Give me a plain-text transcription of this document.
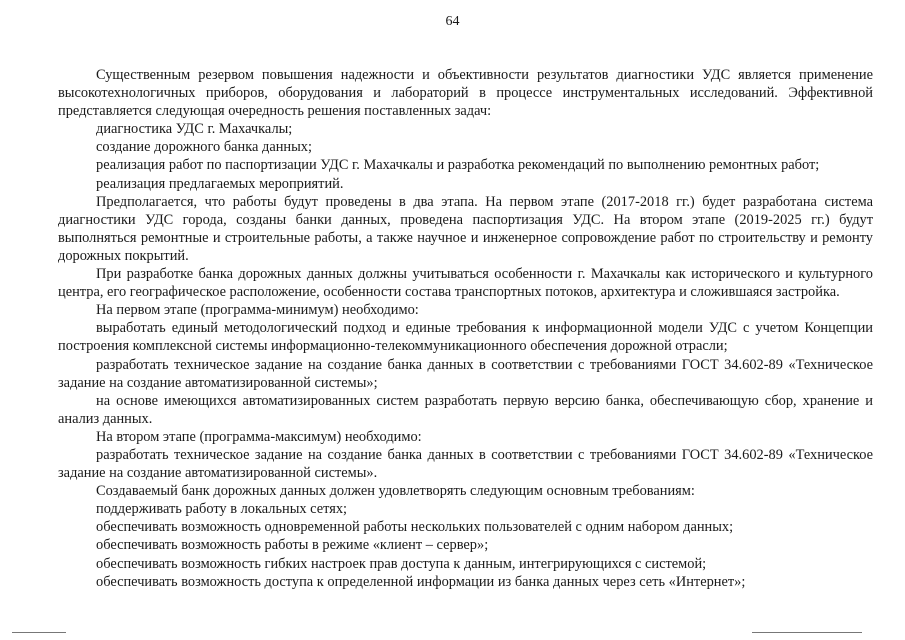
64

Существенным резервом повышения надежности и объективности результатов диагностики УДС является применение высокотехнологичных приборов, оборудования и лабораторий в процессе инструментальных исследований. Эффективной представляется следующая очередность решения поставленных задач:

диагностика УДС г. Махачкалы;

создание дорожного банка данных;

реализация работ по паспортизации УДС г. Махачкалы и разработка рекомендаций по выполнению ремонтных работ;

реализация предлагаемых мероприятий.

Предполагается, что работы будут проведены в два этапа. На первом этапе (2017-2018 гг.) будет разработана система диагностики УДС города, созданы банки данных, проведена паспортизация УДС. На втором этапе (2019-2025 гг.) будут выполняться ремонтные и строительные работы, а также научное и инженерное сопровождение работ по строительству и ремонту дорожных покрытий.

При разработке банка дорожных данных должны учитываться особенности г. Махачкалы как исторического и культурного центра, его географическое расположение, особенности состава транспортных потоков, архитектура и сложившаяся застройка.

На первом этапе (программа-минимум) необходимо:

выработать единый методологический подход и единые требования к информационной модели УДС с учетом Концепции построения комплексной системы информационно-телекоммуникационного обеспечения дорожной отрасли;

разработать техническое задание на создание банка данных в соответствии с требованиями ГОСТ 34.602-89 «Техническое задание на создание автоматизированной системы»;

на основе имеющихся автоматизированных систем разработать первую версию банка, обеспечивающую сбор, хранение и анализ данных.

На втором этапе (программа-максимум) необходимо:

разработать техническое задание на создание банка данных в соответствии с требованиями ГОСТ 34.602-89 «Техническое задание на создание автоматизированной системы».

Создаваемый банк дорожных данных должен удовлетворять следующим основным требованиям:

поддерживать работу в локальных сетях;

обеспечивать возможность одновременной работы нескольких пользователей с одним набором данных;

обеспечивать возможность работы в режиме «клиент – сервер»;

обеспечивать возможность гибких настроек прав доступа к данным, интегрирующихся с системой;

обеспечивать возможность доступа к определенной информации из банка данных через сеть «Интернет»;
